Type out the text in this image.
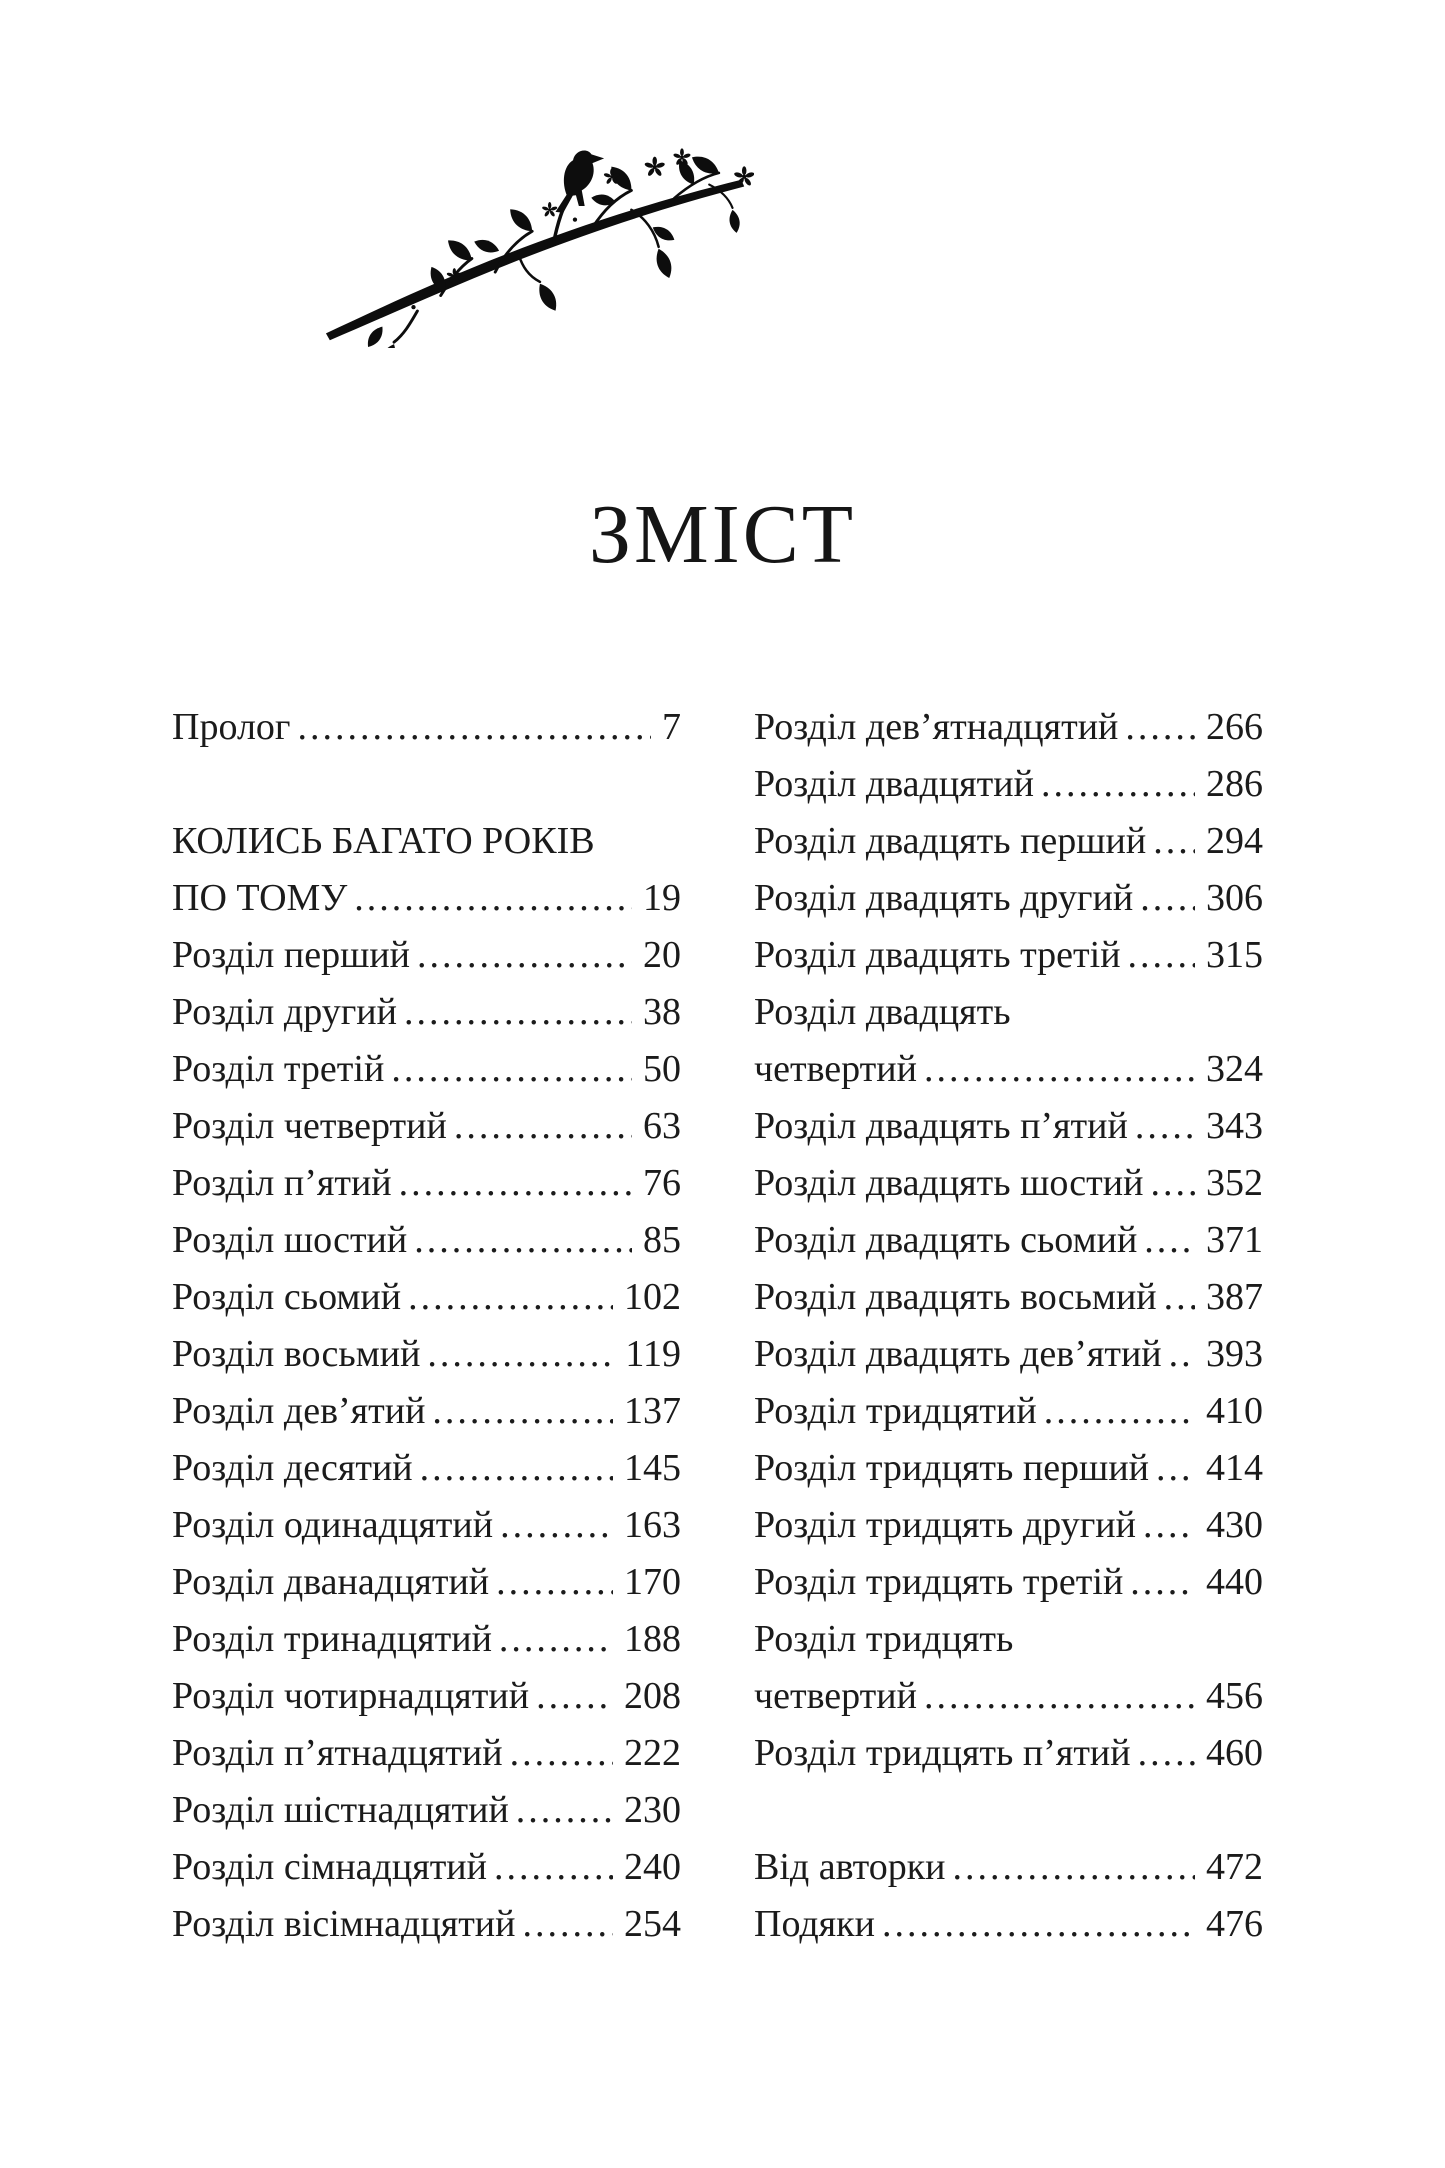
ЗМІСТ
Пролог .....	7
КОЛИСЬ БАГАТО РОКІВ
ПО ТОМУ .....	19
Розділ перший .....	20
Розділ другий .....	38
Розділ третій .....	50
Розділ четвертий .....	63
Розділ п’ятий .....	76
Розділ шостий .....	85
Розділ сьомий .....	102
Розділ восьмий .....	119
Розділ дев’ятий .....	137
Розділ десятий .....	145
Розділ одинадцятий .....	163
Розділ дванадцятий .....	170
Розділ тринадцятий .....	188
Розділ чотирнадцятий ..... 208
Розділ п’ятнадцятий .....	222
Розділ шістнадцятий .....	230
Розділ сімнадцятий .....	240
Розділ вісімнадцятий .....	254
Розділ дев’ятнадцятий ..... 266
Розділ двадцятий .....	286
Розділ двадцять перший ..... 294
Розділ двадцять другий ..... 306
Розділ двадцять третій ..... 315
Розділ двадцять
четвертий .....	324
Розділ двадцять п’ятий ..... 343
Розділ двадцять шостий ..... 352
Розділ двадцять сьомий ..... 371
Розділ двадцять восьмий ..... 387
Розділ двадцять дев’ятий ..... 393
Розділ тридцятий .....	410
Розділ тридцять перший ..... 414
Розділ тридцять другий ..... 430
Розділ тридцять третій ..... 440
Розділ тридцять
четвертий .....	456
Розділ тридцять п’ятий ..... 460
Від авторки .....	472
Подяки .....	476
